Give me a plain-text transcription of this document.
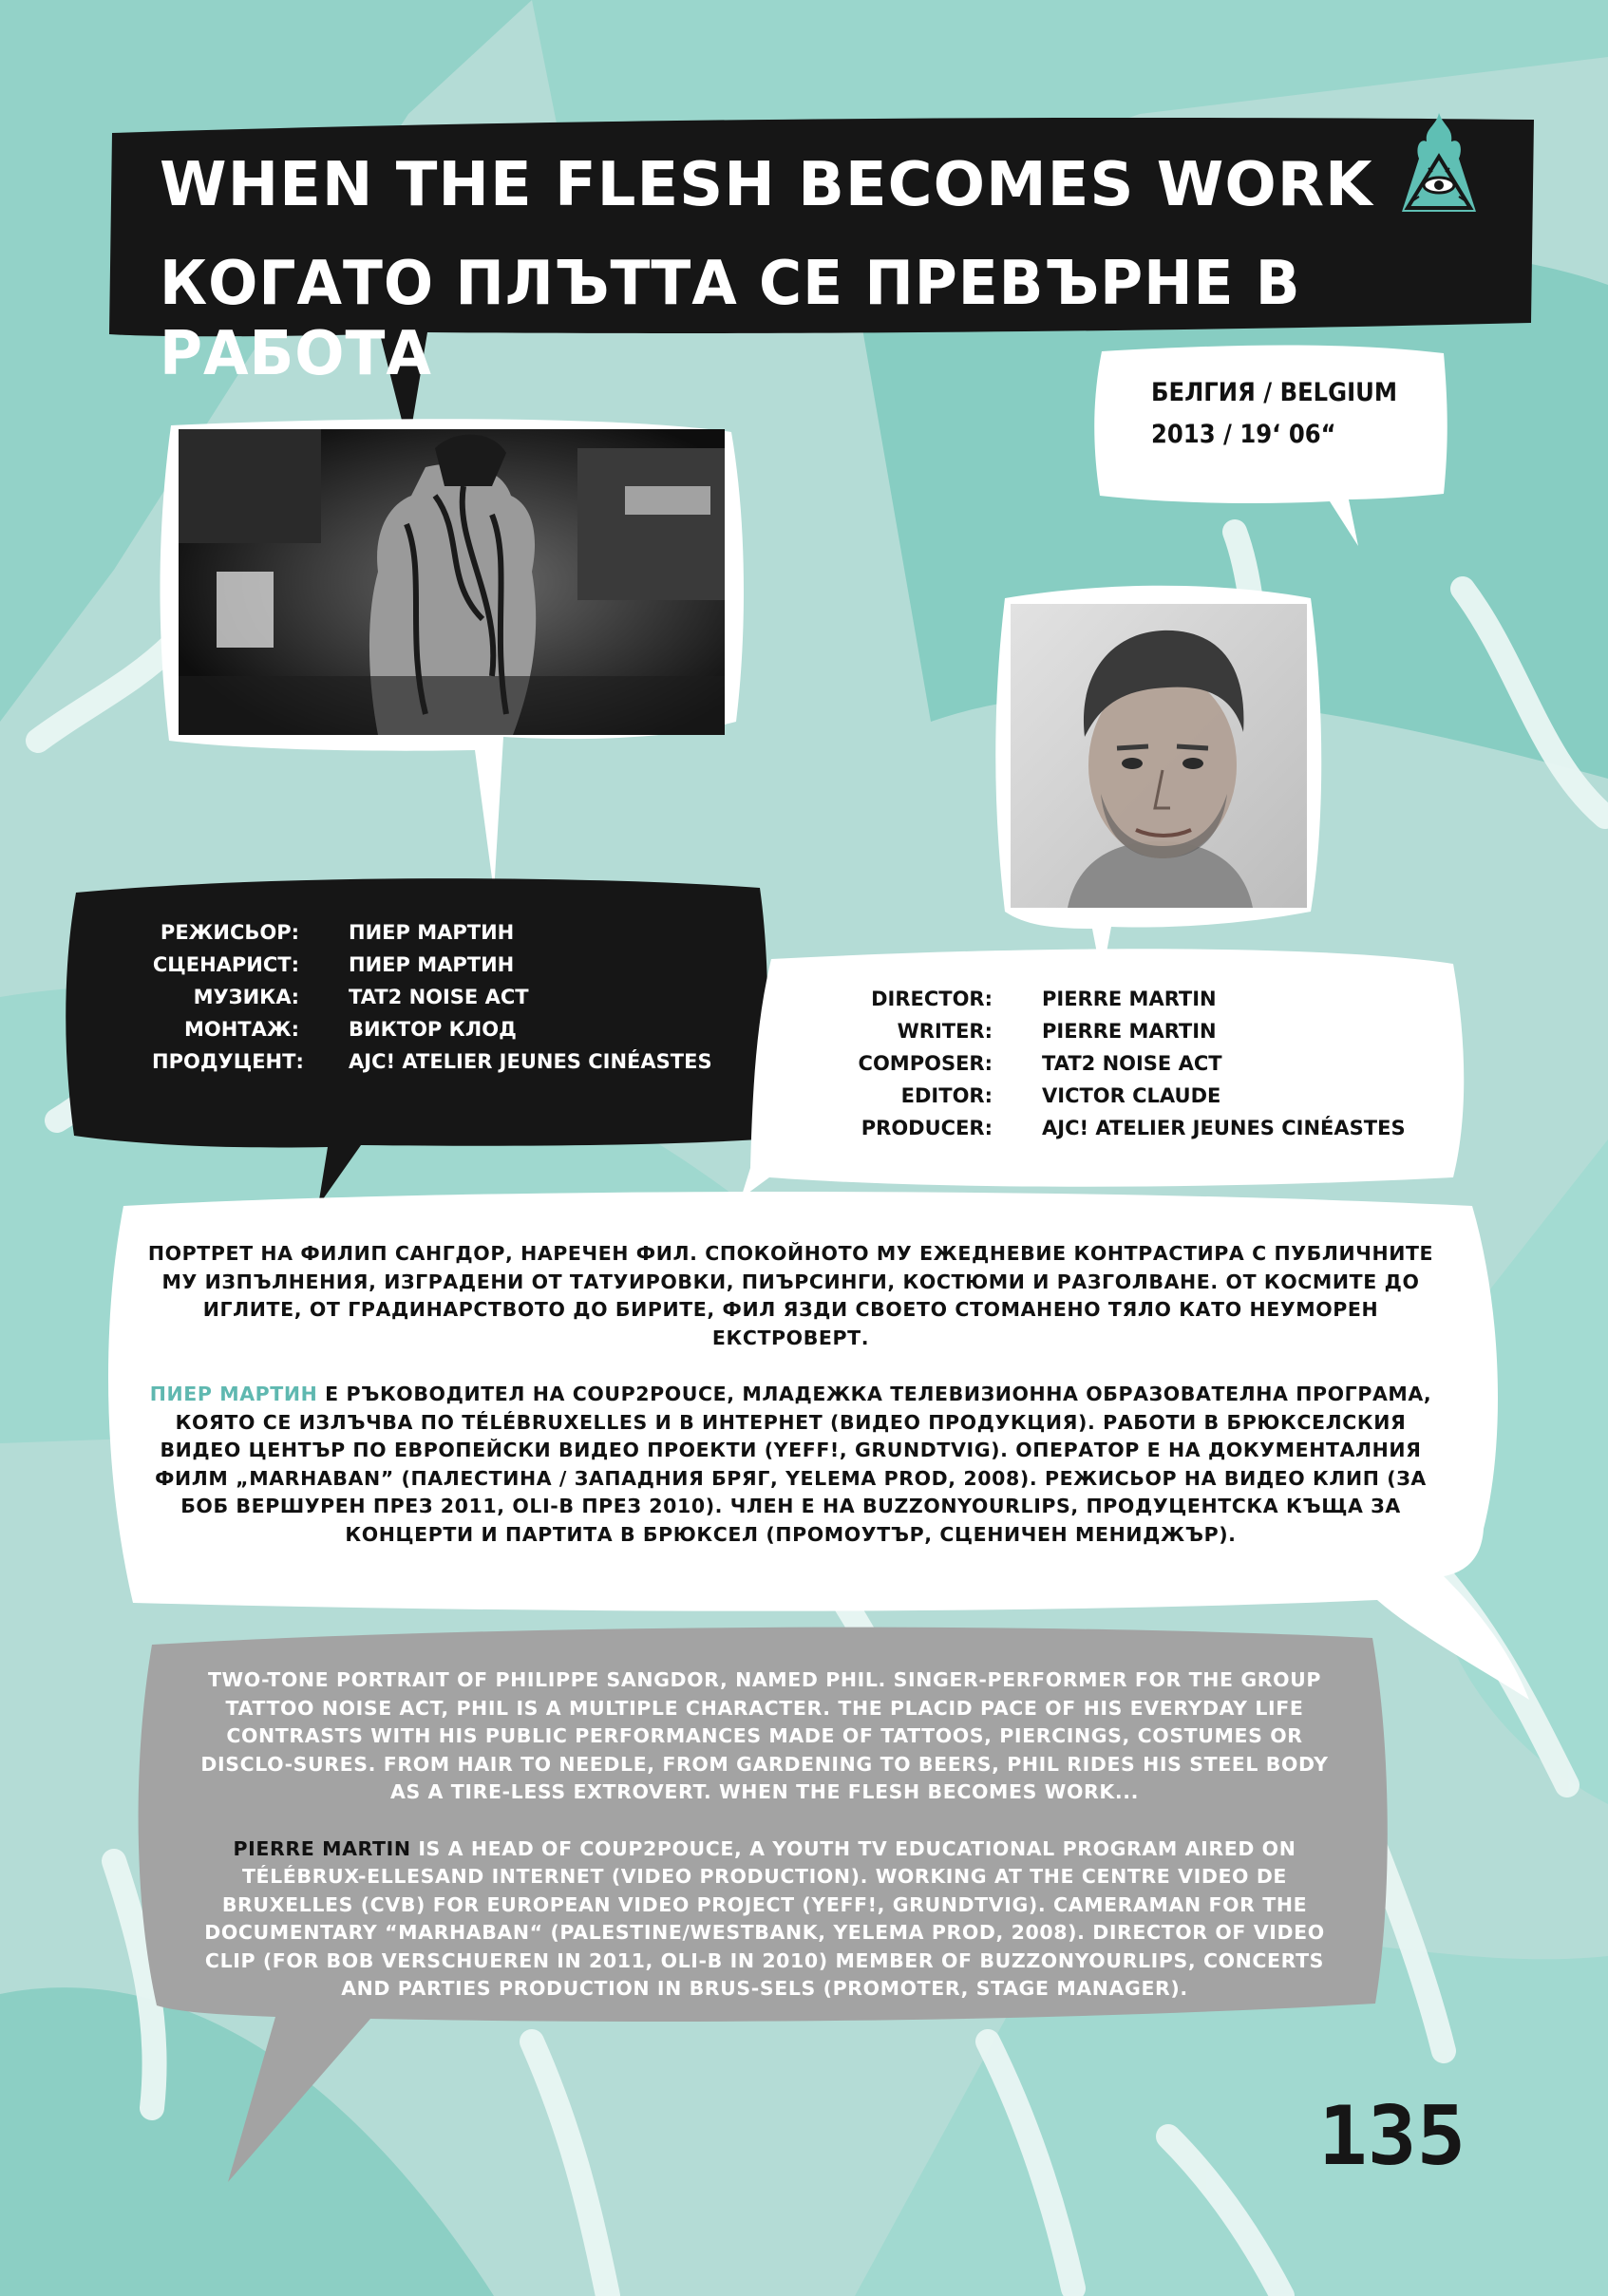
WHEN THE FLESH BECOMES WORK
КОГАТО ПЛЪТТА СЕ ПРЕВЪРНЕ В РАБОТА
БЕЛГИЯ / BELGIUM
2013 / 19‘ 06“
РЕЖИСЬОР: ПИЕР МАРТИН
СЦЕНАРИСТ: ПИЕР МАРТИН
МУЗИКА: TAT2 NOISE ACT
МОНТАЖ: ВИКТОР КЛОД
ПРОДУЦЕНТ: AJC! ATELIER JEUNES CINÉASTES
DIRECTOR: PIERRE MARTIN
WRITER: PIERRE MARTIN
COMPOSER: TAT2 NOISE ACT
EDITOR: VICTOR CLAUDE
PRODUCER: AJC! ATELIER JEUNES CINÉASTES

ПОРТРЕТ НА ФИЛИП САНГДОР, НАРЕЧЕН ФИЛ. СПОКОЙНОТО МУ ЕЖЕДНЕВИЕ КОНТРАСТИРА С ПУБЛИЧНИТЕ МУ ИЗПЪЛНЕНИЯ, ИЗГРАДЕНИ ОТ ТАТУИРОВКИ, ПИЪРСИНГИ, КОСТЮМИ И РАЗГОЛВАНЕ. ОТ КОСМИТЕ ДО ИГЛИТЕ, ОТ ГРАДИНАРСТВОТО ДО БИРИТЕ, ФИЛ ЯЗДИ СВОЕТО СТОМАНЕНО ТЯЛО КАТО НЕУМОРЕН ЕКСТРОВЕРТ.

ПИЕР МАРТИН Е РЪКОВОДИТЕЛ НА COUP2POUCE, МЛАДЕЖКА ТЕЛЕВИЗИОННА ОБРАЗОВАТЕЛНА ПРОГРАМА, КОЯТО СЕ ИЗЛЪЧВА ПО TÉLÉBRUXELLES И В ИНТЕРНЕТ (ВИДЕО ПРОДУКЦИЯ). РАБОТИ В БРЮКСЕЛСКИЯ ВИДЕО ЦЕНТЪР ПО ЕВРОПЕЙСКИ ВИДЕО ПРОЕКТИ (YEFF!, GRUNDTVIG). ОПЕРАТОР Е НА ДОКУМЕНТАЛНИЯ ФИЛМ „MARHABAN” (ПАЛЕСТИНА / ЗАПАДНИЯ БРЯГ, YELEMA PROD, 2008). РЕЖИСЬОР НА ВИДЕО КЛИП (ЗА БОБ ВЕРШУРЕН ПРЕЗ 2011, OLI-B ПРЕЗ 2010). ЧЛЕН Е НА BUZZONYOURLIPS, ПРОДУЦЕНТСКА КЪЩА ЗА КОНЦЕРТИ И ПАРТИТА В БРЮКСЕЛ (ПРОМОУТЪР, СЦЕНИЧЕН МЕНИДЖЪР).

TWO-TONE PORTRAIT OF PHILIPPE SANGDOR, NAMED PHIL. SINGER-PERFORMER FOR THE GROUP TATTOO NOISE ACT, PHIL IS A MULTIPLE CHARACTER. THE PLACID PACE OF HIS EVERYDAY LIFE CONTRASTS WITH HIS PUBLIC PERFORMANCES MADE OF TATTOOS, PIERCINGS, COSTUMES OR DISCLO-SURES. FROM HAIR TO NEEDLE, FROM GARDENING TO BEERS, PHIL RIDES HIS STEEL BODY AS A TIRE-LESS EXTROVERT. WHEN THE FLESH BECOMES WORK...

PIERRE MARTIN IS A HEAD OF COUP2POUCE, A YOUTH TV EDUCATIONAL PROGRAM AIRED ON TÉLÉBRUX-ELLESAND INTERNET (VIDEO PRODUCTION). WORKING AT THE CENTRE VIDEO DE BRUXELLES (CVB) FOR EUROPEAN VIDEO PROJECT (YEFF!, GRUNDTVIG). CAMERAMAN FOR THE DOCUMENTARY “MARHABAN“ (PALESTINE/WESTBANK, YELEMA PROD, 2008). DIRECTOR OF VIDEO CLIP (FOR BOB VERSCHUEREN IN 2011, OLI-B IN 2010) MEMBER OF BUZZONYOURLIPS, CONCERTS AND PARTIES PRODUCTION IN BRUS-SELS (PROMOTER, STAGE MANAGER).

135
